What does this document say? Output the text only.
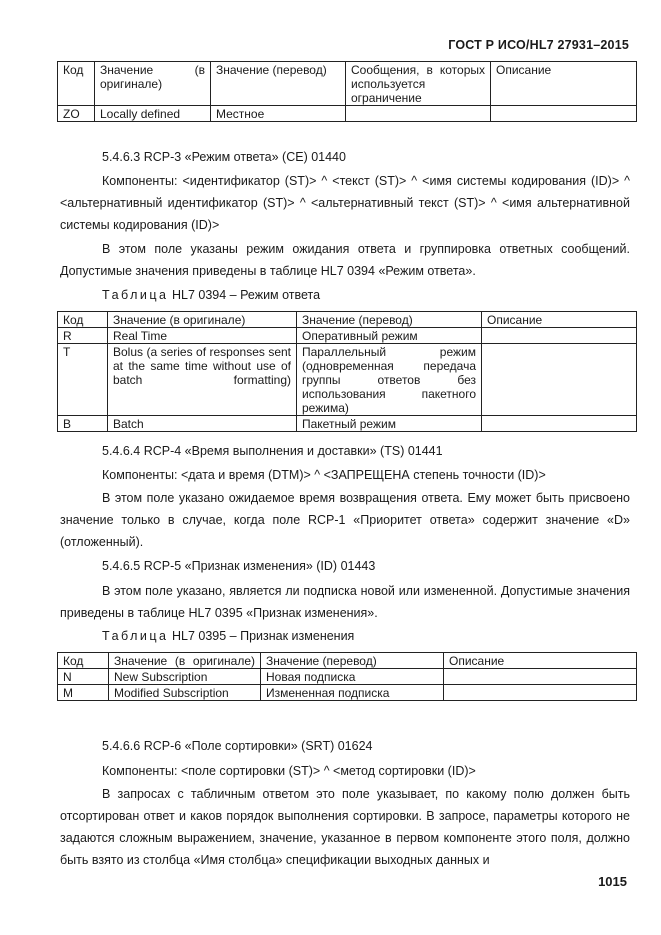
ГОСТ Р ИСО/HL7 27931–2015
Код	Значение (в оригинале)	Значение (перевод)	Сообщения, в которых используется ограничение	Описание
ZO	Locally defined	Местное		
5.4.6.3 RCP-3 «Режим ответа» (CE) 01440
Компоненты: <идентификатор (ST)> ^ <текст (ST)> ^ <имя системы кодирования (ID)> ^ <альтернативный идентификатор (ST)> ^ <альтернативный текст (ST)> ^ <имя альтернативной системы кодирования (ID)>
В этом поле указаны режим ожидания ответа и группировка ответных сообщений. Допустимые значения приведены в таблице HL7 0394 «Режим ответа».
Таблица HL7 0394 – Режим ответа
Код	Значение (в оригинале)	Значение (перевод)	Описание
R	Real Time	Оперативный режим	
T	Bolus (a series of responses sent at the same time without use of batch formatting)	Параллельный режим (одновременная передача группы ответов без использования пакетного режима)	
B	Batch	Пакетный режим	
5.4.6.4 RCP-4 «Время выполнения и доставки» (TS) 01441
Компоненты: <дата и время (DTM)> ^ <ЗАПРЕЩЕНА степень точности (ID)>
В этом поле указано ожидаемое время возвращения ответа. Ему может быть присвоено значение только в случае, когда поле RCP-1 «Приоритет ответа» содержит значение «D» (отложенный).
5.4.6.5 RCP-5 «Признак изменения» (ID) 01443
В этом поле указано, является ли подписка новой или измененной. Допустимые значения приведены в таблице HL7 0395 «Признак изменения».
Таблица HL7 0395 – Признак изменения
Код	Значение (в оригинале)	Значение (перевод)	Описание
N	New Subscription	Новая подписка	
M	Modified Subscription	Измененная подписка	
5.4.6.6 RCP-6 «Поле сортировки» (SRT) 01624
Компоненты: <поле сортировки (ST)> ^ <метод сортировки (ID)>
В запросах с табличным ответом это поле указывает, по какому полю должен быть отсортирован ответ и каков порядок выполнения сортировки. В запросе, параметры которого не задаются сложным выражением, значение, указанное в первом компоненте этого поля, должно быть взято из столбца «Имя столбца» спецификации выходных данных и
1015
